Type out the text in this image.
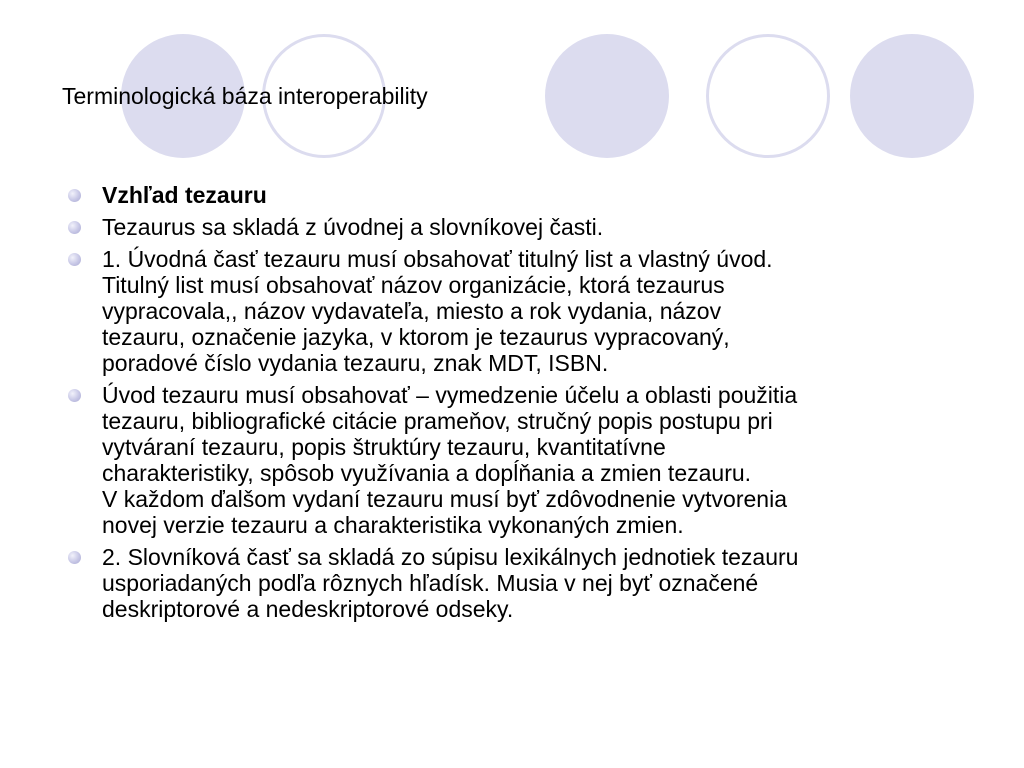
Terminologická báza interoperability
Vzhľad tezauru
Tezaurus sa skladá z úvodnej a slovníkovej časti.
1. Úvodná časť tezauru musí obsahovať titulný list a vlastný úvod.
Titulný list musí obsahovať názov organizácie, ktorá tezaurus
vypracovala,, názov vydavateľa, miesto a rok vydania, názov
tezauru, označenie jazyka, v ktorom je tezaurus vypracovaný,
poradové číslo vydania tezauru, znak MDT, ISBN.
Úvod tezauru musí obsahovať – vymedzenie účelu a oblasti použitia
tezauru, bibliografické citácie prameňov, stručný popis postupu pri
vytváraní tezauru, popis štruktúry tezauru, kvantitatívne
charakteristiky, spôsob využívania a dopĺňania a zmien tezauru.
V každom ďalšom vydaní tezauru musí byť zdôvodnenie vytvorenia
novej verzie tezauru a charakteristika vykonaných zmien.
2. Slovníková časť sa skladá zo súpisu lexikálnych jednotiek tezauru
usporiadaných podľa rôznych hľadísk. Musia v nej byť označené
deskriptorové a nedeskriptorové odseky.
